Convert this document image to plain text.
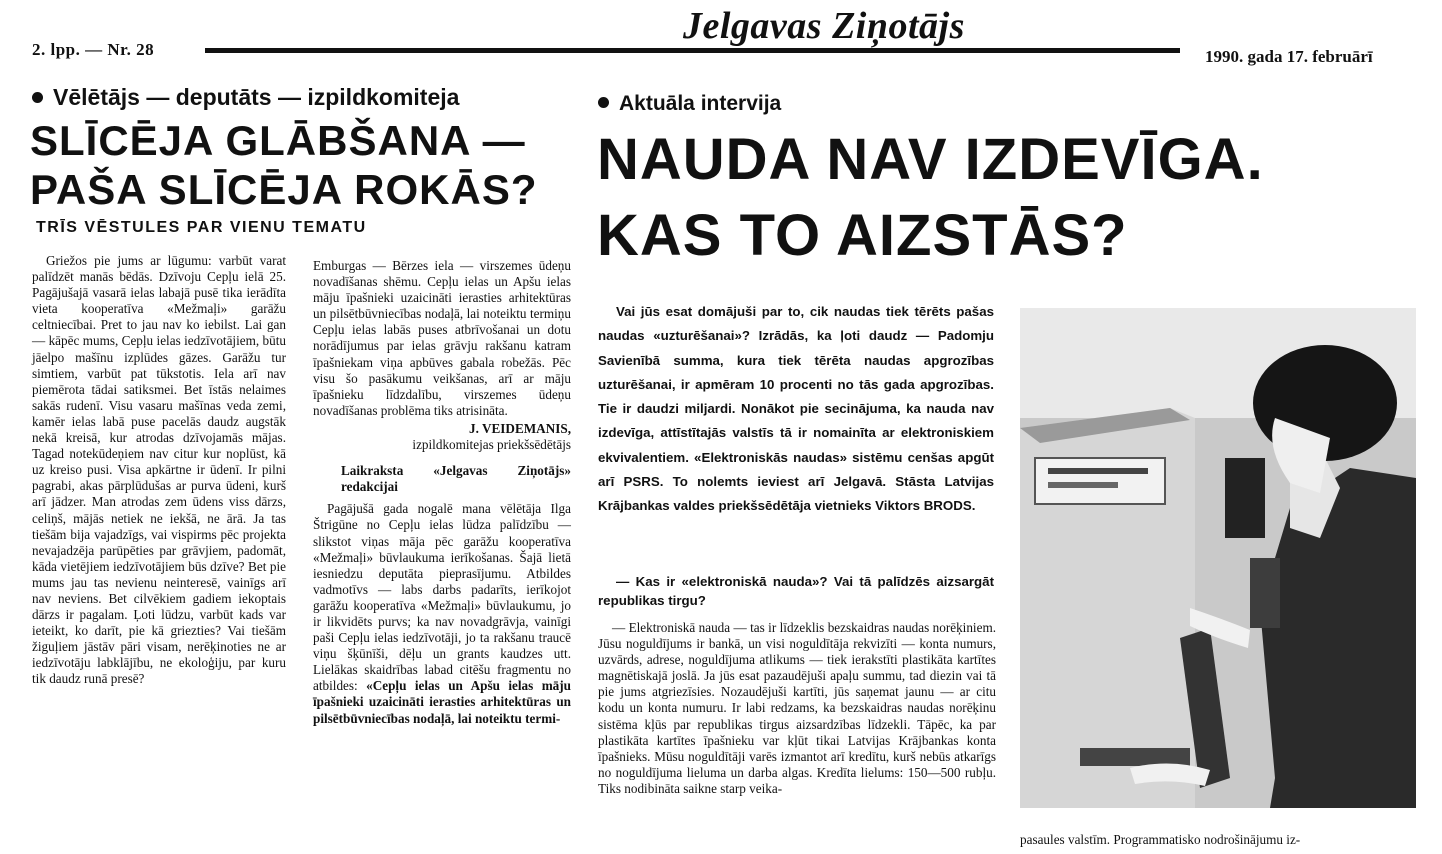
2. lpp. — Nr. 28
Jelgavas Ziņotājs
1990. gada 17. februārī
Vēlētājs — deputāts — izpildkomiteja
SLĪCĒJA GLĀBŠANA —
PAŠA SLĪCĒJA ROKĀS?
TRĪS VĒSTULES PAR VIENU TEMATU

Griežos pie jums ar lūgumu: varbūt varat palīdzēt manās bēdās. Dzīvoju Cepļu ielā 25. Pagājušajā vasarā ielas labajā pusē tika ierādīta vieta kooperatīva «Mežmaļi» garāžu celtniecībai. Pret to jau nav ko iebilst. Lai gan — kāpēc mums, Cepļu ielas iedzīvotājiem, būtu jāelpo mašīnu izplūdes gāzes. Garāžu tur simtiem, varbūt pat tūkstotis. Iela arī nav piemērota tādai satiksmei. Bet īstās nelaimes sakās rudenī. Visu vasaru mašīnas veda zemi, kamēr ielas labā puse pacelās daudz augstāk nekā kreisā, kur atrodas dzīvojamās mājas. Tagad notekūdeņiem nav citur kur noplūst, kā uz kreiso pusi. Visa apkārtne ir ūdenī. Ir pilni pagrabi, akas pārplūdušas ar purva ūdeni, kurš arī jādzer. Man atrodas zem ūdens viss dārzs, celiņš, mājās netiek ne iekšā, ne ārā. Ja tas tiešām bija vajadzīgs, vai vispirms pēc projekta nevajadzēja parūpēties par grāvjiem, padomāt, kāda vietējiem iedzīvotājiem būs dzīve? Bet pie mums jau tas nevienu neinteresē, vainīgs arī nav neviens. Bet cilvēkiem gadiem iekoptais dārzs ir pagalam. Ļoti lūdzu, varbūt kads var ieteikt, ko darīt, pie kā griezties? Vai tiešām žiguļiem jāstāv pāri visam, nerēķinoties ne ar iedzīvotāju labklājību, ne ekoloģiju, par kuru tik daudz runā presē?

Emburgas — Bērzes iela — virszemes ūdeņu novadīšanas shēmu. Cepļu ielas un Apšu ielas māju īpašnieki uzaicināti ierasties arhitektūras un pilsētbūvniecības nodaļā, lai noteiktu termiņu Cepļu ielas labās puses atbrīvošanai un dotu norādījumus par ielas grāvju rakšanu katram īpašniekam viņa apbūves gabala robežās. Pēc visu šo pasākumu veikšanas, arī ar māju īpašnieku līdzdalību, virszemes ūdeņu novadīšanas problēma tiks atrisināta.

J. VEIDEMANIS,
izpildkomitejas priekšsēdētājs

Laikraksta «Jelgavas Ziņotājs» redakcijai

Pagājušā gada nogalē mana vēlētāja Ilga Štrigūne no Cepļu ielas lūdza palīdzību — slikstot viņas māja pēc garāžu kooperatīva «Mežmaļi» būvlaukuma ierīkošanas. Šajā lietā iesniedzu deputāta pieprasījumu. Atbildes vadmotīvs — labs darbs padarīts, ierīkojot garāžu kooperatīva «Mežmaļi» būvlaukumu, jo ir likvidēts purvs; ka nav novadgrāvja, vainīgi paši Cepļu ielas iedzīvotāji, jo ta rakšanu traucē viņu šķūnīši, dēļu un grants kaudzes utt. Lielākas skaidrības labad citēšu fragmentu no atbildes: «Cepļu ielas un Apšu ielas māju īpašnieki uzaicināti ierasties arhitektūras un pilsētbūvniecības nodaļā, lai noteiktu termi-

Aktuāla intervija
NAUDA NAV IZDEVĪGA.
KAS TO AIZSTĀS?

Vai jūs esat domājuši par to, cik naudas tiek tērēts pašas naudas «uzturēšanai»? Izrādās, ka ļoti daudz — Padomju Savienībā summa, kura tiek tērēta naudas apgrozības uzturēšanai, ir apmēram 10 procenti no tās gada apgrozības. Tie ir daudzi miljardi. Nonākot pie secinājuma, ka nauda nav izdevīga, attīstītajās valstīs tā ir nomainīta ar elektroniskiem ekvivalentiem. «Elektroniskās naudas» sistēmu cenšas apgūt arī PSRS. To nolemts ieviest arī Jelgavā. Stāsta Latvijas Krājbankas valdes priekšsēdētāja vietnieks Viktors BRODS.

— Kas ir «elektroniskā nauda»? Vai tā palīdzēs aizsargāt republikas tirgu?

— Elektroniskā nauda — tas ir līdzeklis bezskaidras naudas norēķiniem. Jūsu noguldījums ir bankā, un visi noguldītāja rekvizīti — konta numurs, uzvārds, adrese, noguldījuma atlikums — tiek ierakstīti plastikāta kartītes magnētiskajā joslā. Ja jūs esat pazaudējuši apaļu summu, tad diezin vai tā pie jums atgriezīsies. Nozaudējuši kartīti, jūs saņemat jaunu — ar citu kodu un konta numuru. Ir labi redzams, ka bezskaidras naudas norēķinu sistēma kļūs par republikas tirgus aizsardzības līdzekli. Tāpēc, ka par plastikāta kartītes īpašnieku var kļūt tikai Latvijas Krājbankas konta īpašnieks. Mūsu noguldītāji varēs izmantot arī kredītu, kurš nebūs atkarīgs no noguldījuma lieluma un darba algas. Kredīta lielums: 150—500 rubļu. Tiks nodibināta saikne starp veika-

pasaules valstīm. Programmatisko nodrošinājumu iz-
